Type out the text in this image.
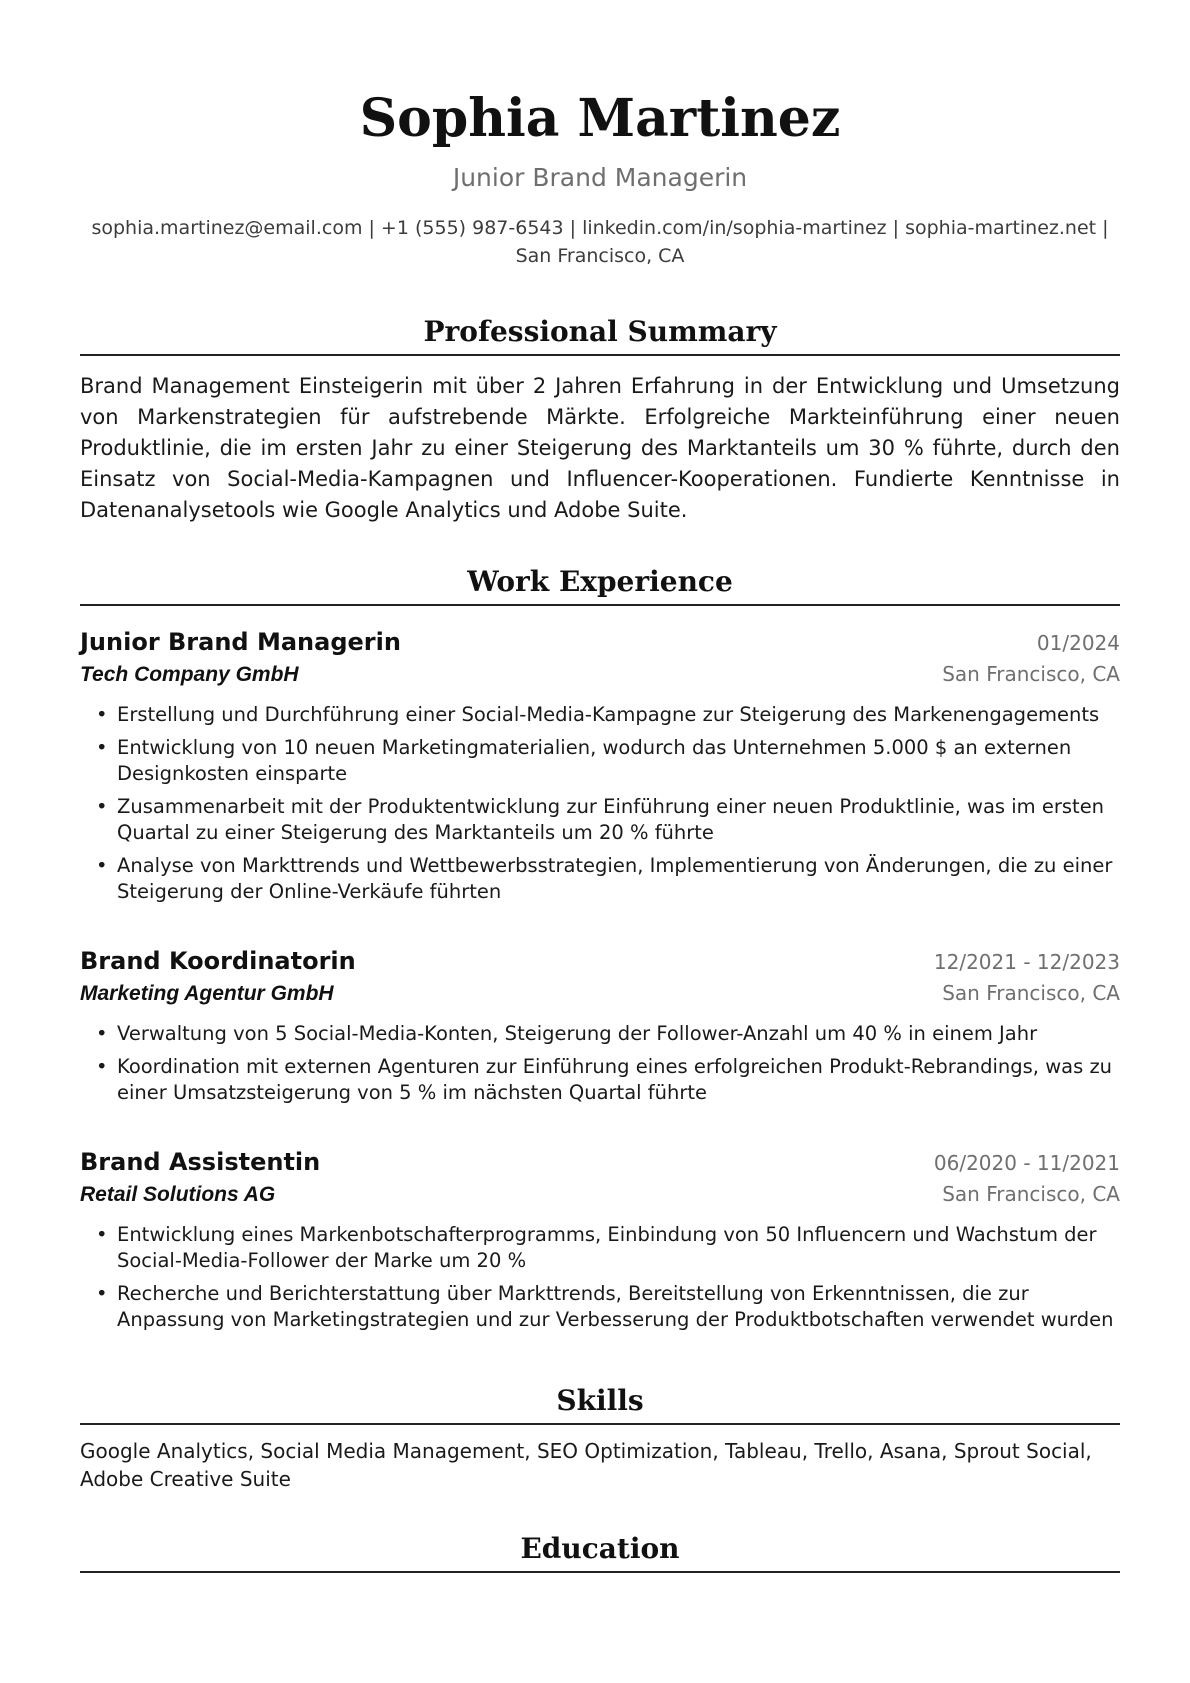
Sophia Martinez
Junior Brand Managerin
sophia.martinez@email.com | +1 (555) 987-6543 | linkedin.com/in/sophia-martinez | sophia-martinez.net | San Francisco, CA
Professional Summary
Brand Management Einsteigerin mit über 2 Jahren Erfahrung in der Entwicklung und Umsetzung von Markenstrategien für aufstrebende Märkte. Erfolgreiche Markteinführung einer neuen Produktlinie, die im ersten Jahr zu einer Steigerung des Marktanteils um 30 % führte, durch den Einsatz von Social-Media-Kampagnen und Influencer-Kooperationen. Fundierte Kenntnisse in Datenanalysetools wie Google Analytics und Adobe Suite.
Work Experience
Junior Brand Managerin	01/2024
Tech Company GmbH	San Francisco, CA
• Erstellung und Durchführung einer Social-Media-Kampagne zur Steigerung des Markenengagements
• Entwicklung von 10 neuen Marketingmaterialien, wodurch das Unternehmen 5.000 $ an externen Designkosten einsparte
• Zusammenarbeit mit der Produktentwicklung zur Einführung einer neuen Produktlinie, was im ersten Quartal zu einer Steigerung des Marktanteils um 20 % führte
• Analyse von Markttrends und Wettbewerbsstrategien, Implementierung von Änderungen, die zu einer Steigerung der Online-Verkäufe führten
Brand Koordinatorin	12/2021 - 12/2023
Marketing Agentur GmbH	San Francisco, CA
• Verwaltung von 5 Social-Media-Konten, Steigerung der Follower-Anzahl um 40 % in einem Jahr
• Koordination mit externen Agenturen zur Einführung eines erfolgreichen Produkt-Rebrandings, was zu einer Umsatzsteigerung von 5 % im nächsten Quartal führte
Brand Assistentin	06/2020 - 11/2021
Retail Solutions AG	San Francisco, CA
• Entwicklung eines Markenbotschafterprogramms, Einbindung von 50 Influencern und Wachstum der Social-Media-Follower der Marke um 20 %
• Recherche und Berichterstattung über Markttrends, Bereitstellung von Erkenntnissen, die zur Anpassung von Marketingstrategien und zur Verbesserung der Produktbotschaften verwendet wurden
Skills
Google Analytics, Social Media Management, SEO Optimization, Tableau, Trello, Asana, Sprout Social, Adobe Creative Suite
Education
